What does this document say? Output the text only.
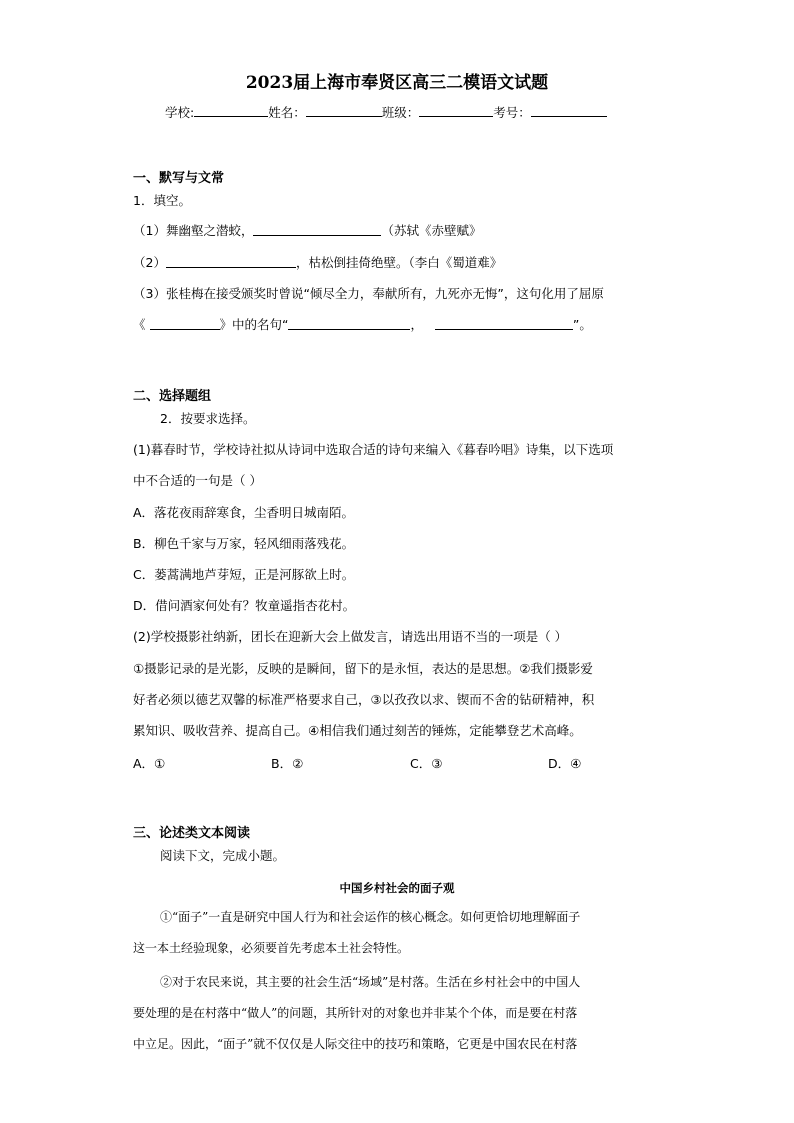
2023届上海市奉贤区高三二模语文试题
学校:	姓名：	班级：	考号：
一、默写与文常
1．填空。
（1）舞幽壑之潜蛟，	（苏轼《赤壁赋》
（2）	，枯松倒挂倚绝壁。（李白《蜀道难》
（3）张桂梅在接受颁奖时曾说“倾尽全力，奉献所有，九死亦无悔”，这句化用了屈原
《	》中的名句“	，	”。
二、选择题组
2．按要求选择。
(1)暮春时节，学校诗社拟从诗词中选取合适的诗句来编入《暮春吟唱》诗集，以下选项
中不合适的一句是（ ）
A．落花夜雨辞寒食，尘香明日城南陌。
B．柳色千家与万家，轻风细雨落残花。
C．蒌蒿满地芦芽短，正是河豚欲上时。
D．借问酒家何处有？牧童遥指杏花村。
(2)学校摄影社纳新，团长在迎新大会上做发言，请选出用语不当的一项是（ ）
①摄影记录的是光影，反映的是瞬间，留下的是永恒，表达的是思想。②我们摄影爱
好者必须以德艺双馨的标准严格要求自己，③以孜孜以求、锲而不舍的钻研精神，积
累知识、吸收营养、提高自己。④相信我们通过刻苦的锤炼，定能攀登艺术高峰。
A．①	B．②	C．③	D．④
三、论述类文本阅读
阅读下文，完成小题。
中国乡村社会的面子观
①“面子”一直是研究中国人行为和社会运作的核心概念。如何更恰切地理解面子
这一本土经验现象，必须要首先考虑本土社会特性。
②对于农民来说，其主要的社会生活“场域”是村落。生活在乡村社会中的中国人
要处理的是在村落中“做人”的问题，其所针对的对象也并非某个个体，而是要在村落
中立足。因此，“面子”就不仅仅是人际交往中的技巧和策略，它更是中国农民在村落
